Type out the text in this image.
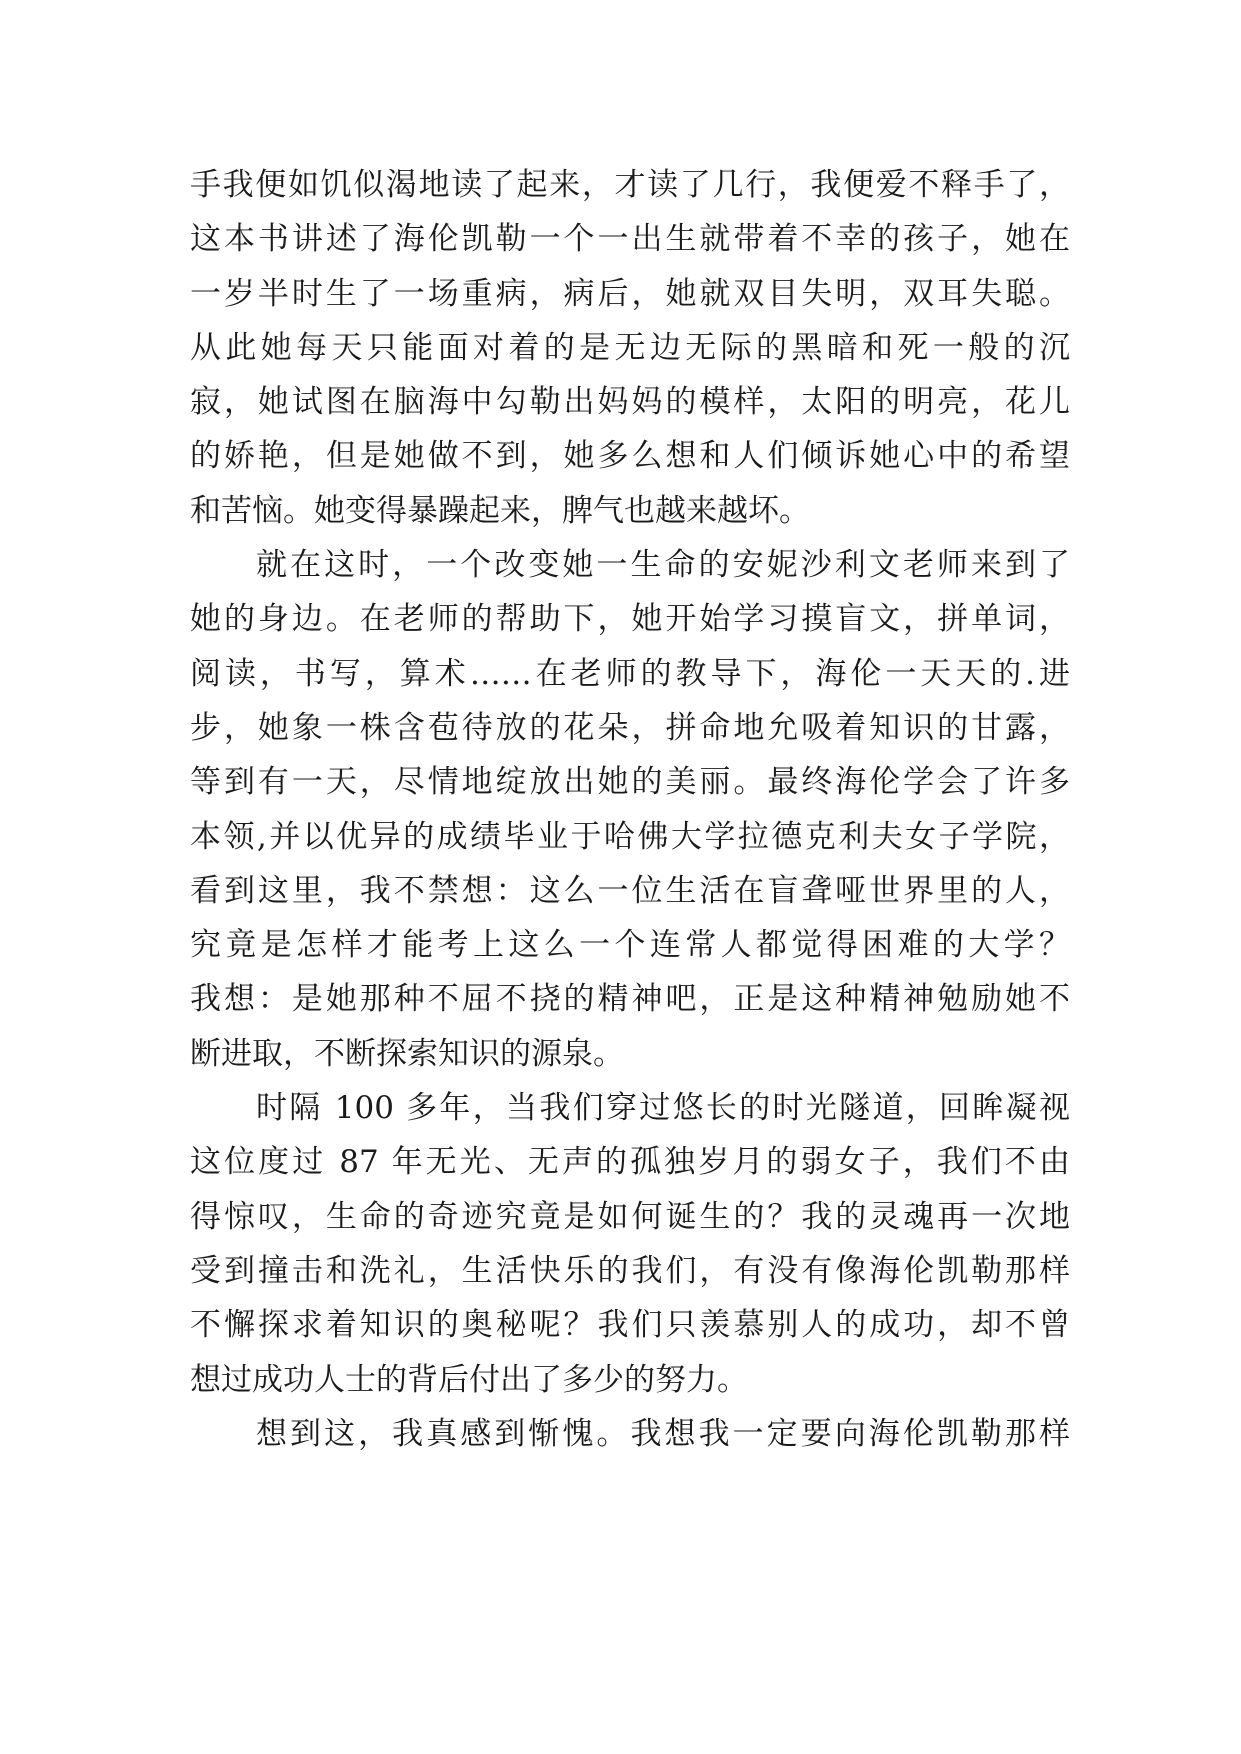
手我便如饥似渴地读了起来，才读了几行，我便爱不释手了，
这本书讲述了海伦凯勒一个一出生就带着不幸的孩子，她在
一岁半时生了一场重病，病后，她就双目失明，双耳失聪。
从此她每天只能面对着的是无边无际的黑暗和死一般的沉
寂，她试图在脑海中勾勒出妈妈的模样，太阳的明亮，花儿
的娇艳，但是她做不到，她多么想和人们倾诉她心中的希望
和苦恼。她变得暴躁起来，脾气也越来越坏。
就在这时，一个改变她一生命的安妮沙利文老师来到了
她的身边。在老师的帮助下，她开始学习摸盲文，拼单词，
阅读，书写，算术……在老师的教导下，海伦一天天的.进
步，她象一株含苞待放的花朵，拼命地允吸着知识的甘露，
等到有一天，尽情地绽放出她的美丽。最终海伦学会了许多
本领,并以优异的成绩毕业于哈佛大学拉德克利夫女子学院，
看到这里，我不禁想：这么一位生活在盲聋哑世界里的人，
究竟是怎样才能考上这么一个连常人都觉得困难的大学？
我想：是她那种不屈不挠的精神吧，正是这种精神勉励她不
断进取，不断探索知识的源泉。
时隔 100 多年，当我们穿过悠长的时光隧道，回眸凝视
这位度过 87 年无光、无声的孤独岁月的弱女子，我们不由
得惊叹，生命的奇迹究竟是如何诞生的？我的灵魂再一次地
受到撞击和洗礼，生活快乐的我们，有没有像海伦凯勒那样
不懈探求着知识的奥秘呢？我们只羡慕别人的成功，却不曾
想过成功人士的背后付出了多少的努力。
想到这，我真感到惭愧。我想我一定要向海伦凯勒那样
